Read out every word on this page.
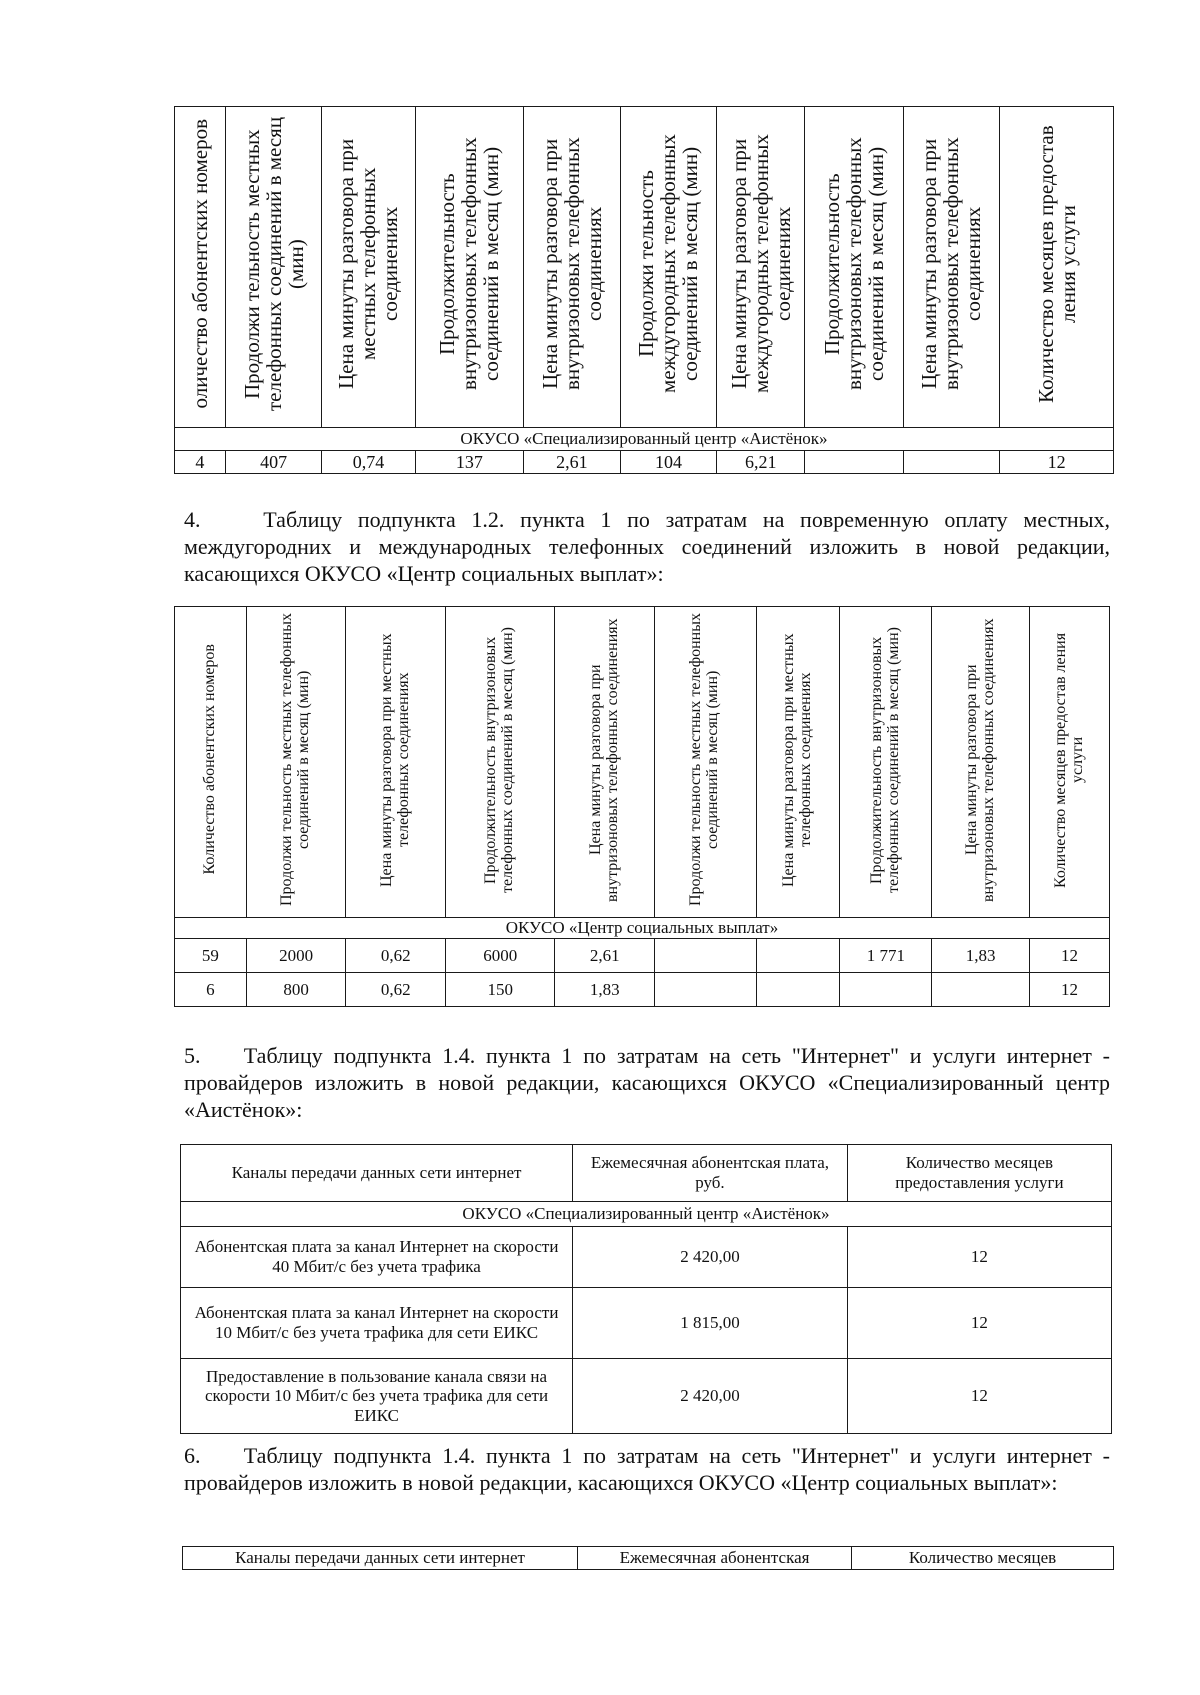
оличество абонентских номеров	Продолжи тельность местных телефонных соединений в месяц (мин)	Цена минуты разговора при местных телефонных соединениях	Продолжительность внутризоновых телефонных соединений в месяц (мин)	Цена минуты разговора при внутризоновых телефонных соединениях	Продолжи тельность междугородных телефонных соединений в месяц (мин)	Цена минуты разговора при междугородных телефонных соединениях	Продолжительность внутризоновых телефонных соединений в месяц (мин)	Цена минуты разговора при внутризоновых телефонных соединениях	Количество месяцев предостав ления услуги
ОКУСО «Специализированный центр «Аистёнок»									
4	407	0,74	137	2,61	104	6,21			12
4.    Таблицу подпункта 1.2. пункта 1 по затратам на повременную оплату местных, междугородних и международных телефонных соединений изложить в новой редакции, касающихся ОКУСО «Центр социальных выплат»:
Количество абонентских номеров	Продолжи тельность местных телефонных соединений в месяц (мин)	Цена минуты разговора при местных телефонных соединениях	Продолжительность внутризоновых телефонных соединений в месяц (мин)	Цена минуты разговора при внутризоновых телефонных соединениях	Продолжи тельность местных телефонных соединений в месяц (мин)	Цена минуты разговора при местных телефонных соединениях	Продолжительность внутризоновых телефонных соединений в месяц (мин)	Цена минуты разговора при внутризоновых телефонных соединениях	Количество месяцев предостав ления услуги
ОКУСО «Центр социальных выплат»									
59	2000	0,62	6000	2,61			1 771	1,83	12
6	800	0,62	150	1,83					12
5.    Таблицу подпункта 1.4. пункта 1 по затратам на сеть "Интернет" и услуги интернет - провайдеров изложить в новой редакции, касающихся ОКУСО «Специализированный центр «Аистёнок»:
Каналы передачи данных сети интернет	Ежемесячная абонентская плата, руб.	Количество месяцев предоставления услуги
ОКУСО «Специализированный центр «Аистёнок»		
Абонентская плата за канал Интернет на скорости 40 Мбит/с без учета трафика	2 420,00	12
Абонентская плата за канал Интернет на скорости 10 Мбит/с без учета трафика для сети ЕИКС	1 815,00	12
Предоставление в пользование канала связи на скорости 10 Мбит/с без учета трафика для сети ЕИКС	2 420,00	12
6.    Таблицу подпункта 1.4. пункта 1 по затратам на сеть "Интернет" и услуги интернет - провайдеров изложить в новой редакции, касающихся ОКУСО «Центр социальных выплат»:
Каналы передачи данных сети интернет	Ежемесячная абонентская	Количество месяцев
